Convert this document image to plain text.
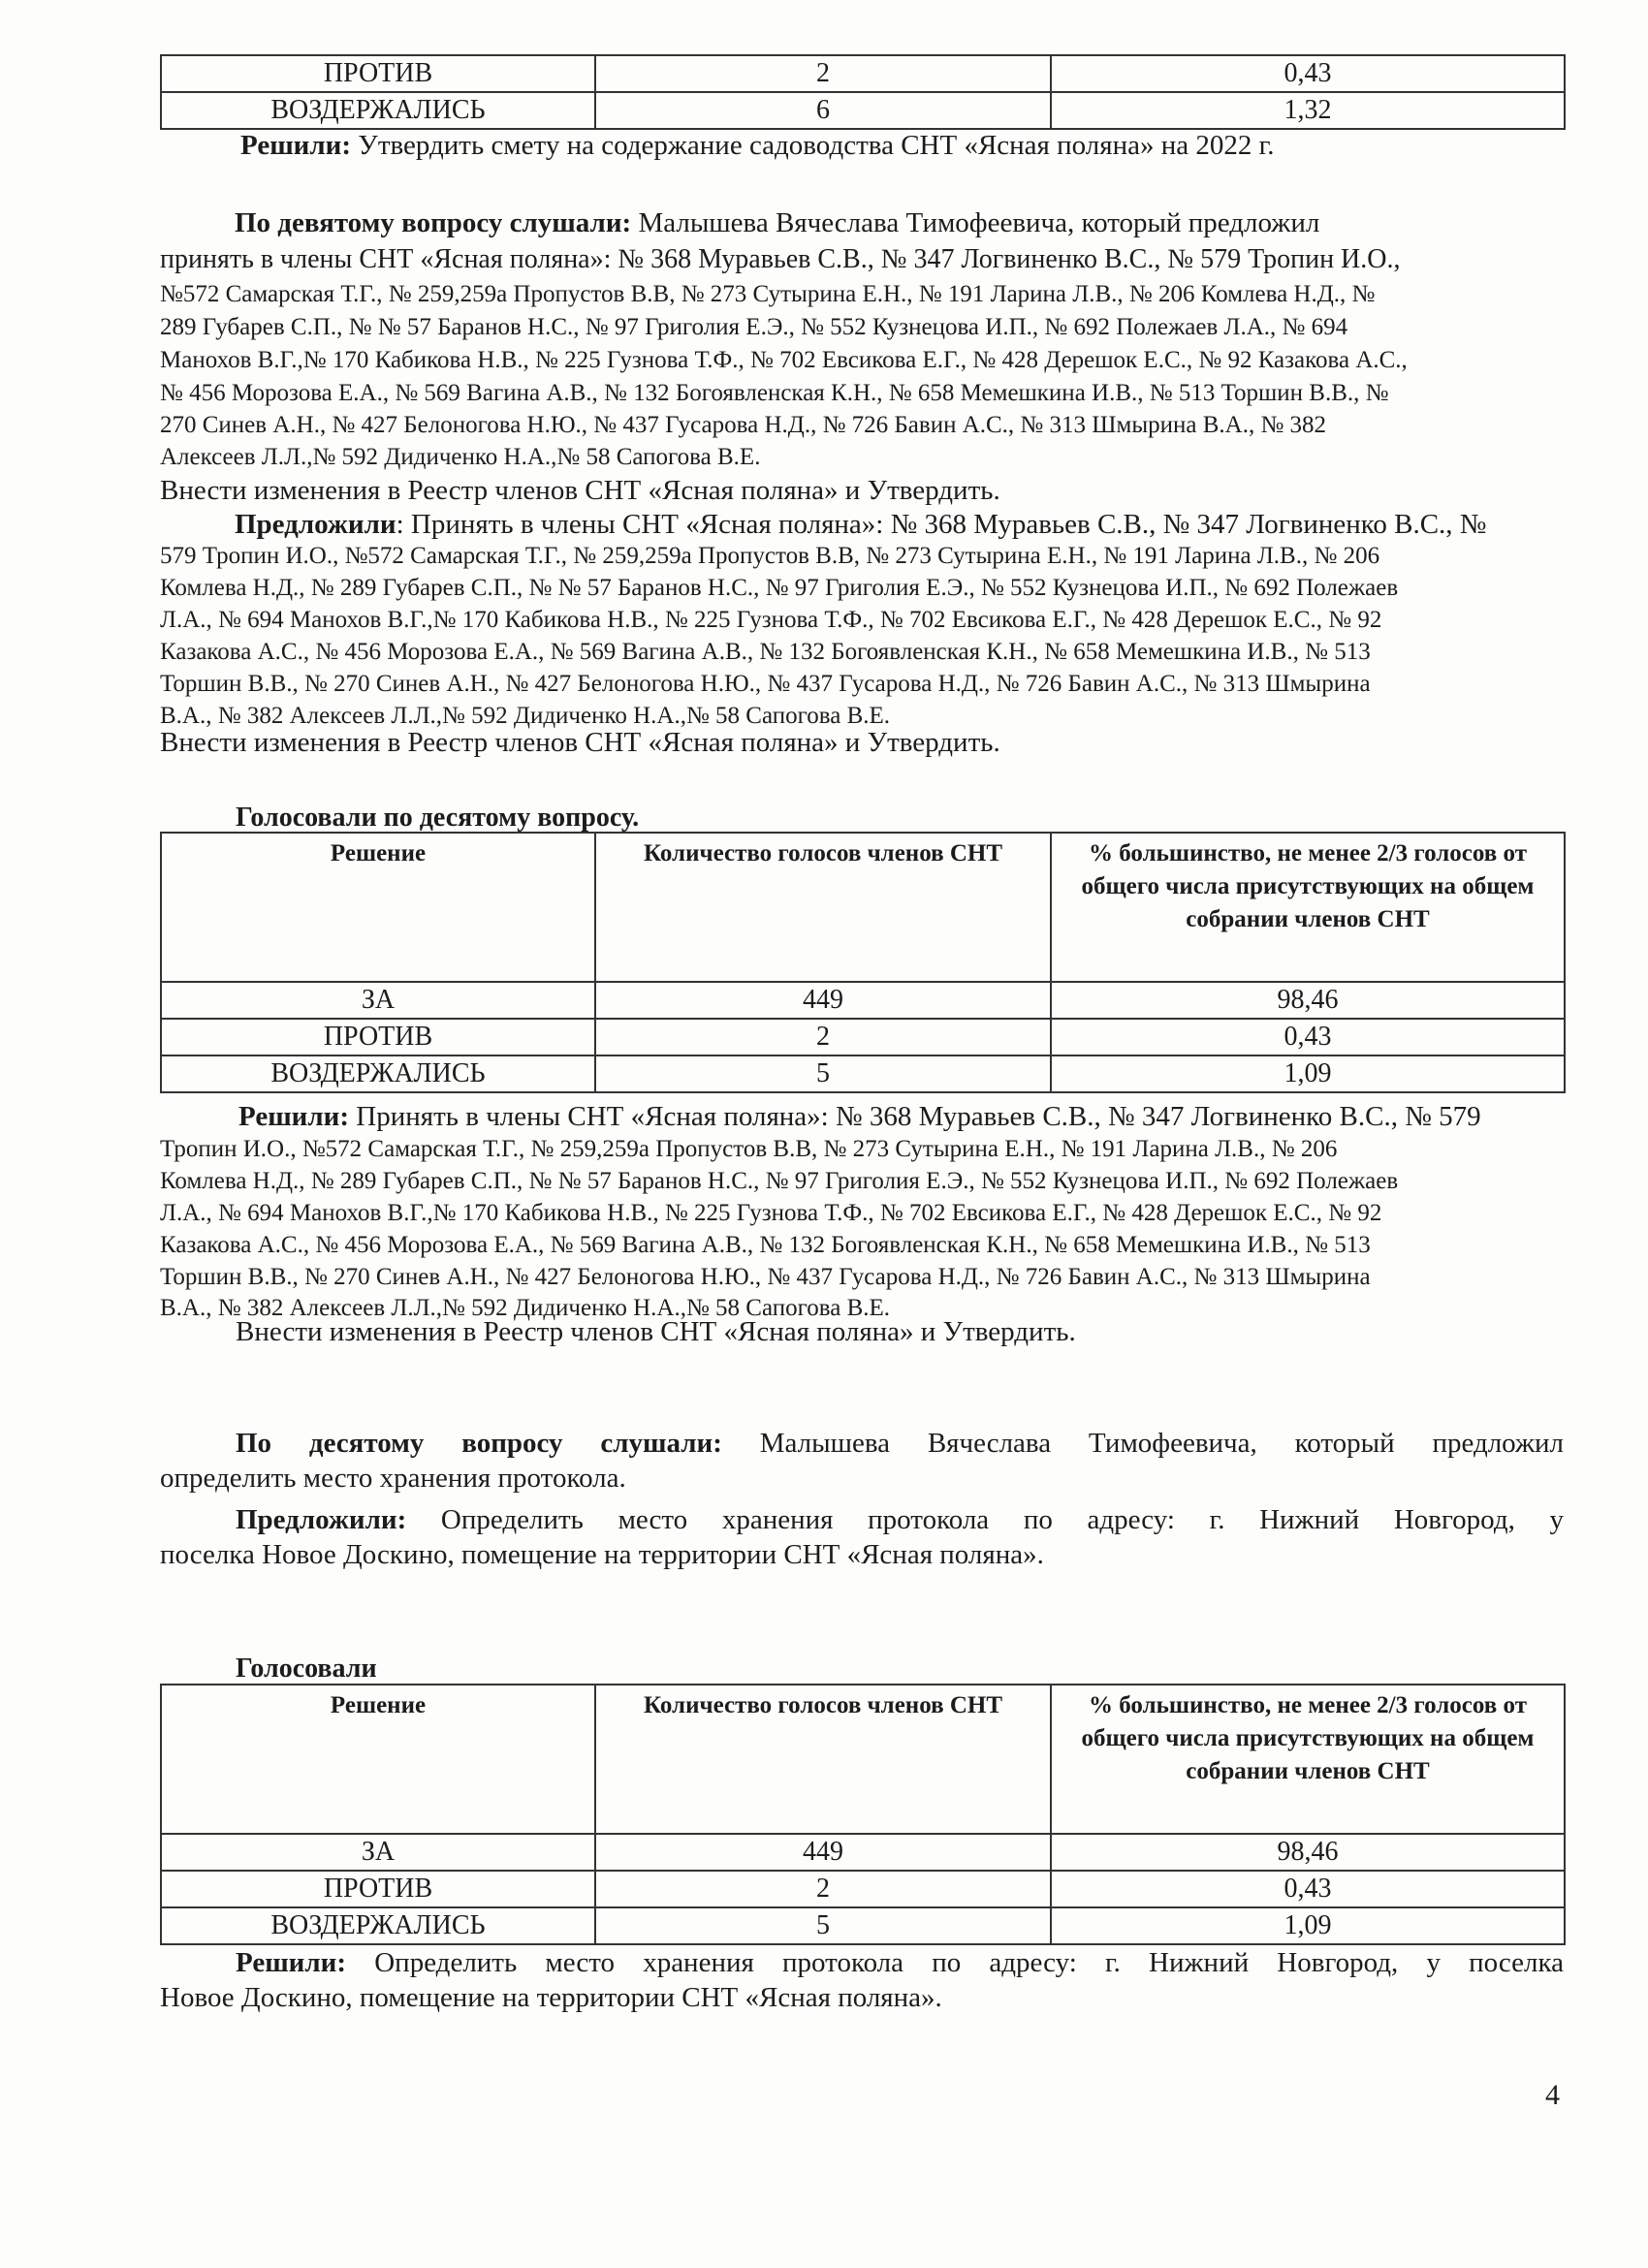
ПРОТИВ	2	0,43
ВОЗДЕРЖАЛИСЬ	6	1,32
Решили: Утвердить смету на содержание садоводства СНТ «Ясная поляна» на 2022 г.
По девятому вопросу слушали: Малышева Вячеслава Тимофеевича, который предложил
принять в члены СНТ «Ясная поляна»: № 368 Муравьев С.В., № 347 Логвиненко В.С., № 579 Тропин И.О.,
№572 Самарская Т.Г., № 259,259а Пропустов В.В, № 273 Сутырина Е.Н., № 191 Ларина Л.В., № 206 Комлева Н.Д., №
289 Губарев С.П., № № 57 Баранов Н.С., № 97 Григолия Е.Э., № 552 Кузнецова И.П., № 692 Полежаев Л.А., № 694
Манохов В.Г.,№ 170 Кабикова Н.В., № 225 Гузнова Т.Ф., № 702 Евсикова Е.Г., № 428 Дерешок Е.С., № 92 Казакова А.С.,
№ 456 Морозова Е.А., № 569 Вагина А.В., № 132 Богоявленская К.Н., № 658 Мемешкина И.В., № 513 Торшин В.В., №
270 Синев А.Н., № 427 Белоногова Н.Ю., № 437 Гусарова Н.Д., № 726 Бавин А.С., № 313 Шмырина В.А., № 382
Алексеев Л.Л.,№ 592 Дидиченко Н.А.,№ 58 Сапогова В.Е.
Внести изменения в Реестр членов СНТ «Ясная поляна» и Утвердить.
Предложили: Принять в члены СНТ «Ясная поляна»: № 368 Муравьев С.В., № 347 Логвиненко В.С., №
579 Тропин И.О., №572 Самарская Т.Г., № 259,259а Пропустов В.В, № 273 Сутырина Е.Н., № 191 Ларина Л.В., № 206
Комлева Н.Д., № 289 Губарев С.П., № № 57 Баранов Н.С., № 97 Григолия Е.Э., № 552 Кузнецова И.П., № 692 Полежаев
Л.А., № 694 Манохов В.Г.,№ 170 Кабикова Н.В., № 225 Гузнова Т.Ф., № 702 Евсикова Е.Г., № 428 Дерешок Е.С., № 92
Казакова А.С., № 456 Морозова Е.А., № 569 Вагина А.В., № 132 Богоявленская К.Н., № 658 Мемешкина И.В., № 513
Торшин В.В., № 270 Синев А.Н., № 427 Белоногова Н.Ю., № 437 Гусарова Н.Д., № 726 Бавин А.С., № 313 Шмырина
В.А., № 382 Алексеев Л.Л.,№ 592 Дидиченко Н.А.,№ 58 Сапогова В.Е.
Внести изменения в Реестр членов СНТ «Ясная поляна» и Утвердить.
Голосовали по десятому вопросу.
Решение	Количество голосов членов СНТ	% большинство, не менее 2/3 голосов от общего числа присутствующих на общем собрании членов СНТ
ЗА	449	98,46
ПРОТИВ	2	0,43
ВОЗДЕРЖАЛИСЬ	5	1,09
Решили: Принять в члены СНТ «Ясная поляна»: № 368 Муравьев С.В., № 347 Логвиненко В.С., № 579
Тропин И.О., №572 Самарская Т.Г., № 259,259а Пропустов В.В, № 273 Сутырина Е.Н., № 191 Ларина Л.В., № 206
Комлева Н.Д., № 289 Губарев С.П., № № 57 Баранов Н.С., № 97 Григолия Е.Э., № 552 Кузнецова И.П., № 692 Полежаев
Л.А., № 694 Манохов В.Г.,№ 170 Кабикова Н.В., № 225 Гузнова Т.Ф., № 702 Евсикова Е.Г., № 428 Дерешок Е.С., № 92
Казакова А.С., № 456 Морозова Е.А., № 569 Вагина А.В., № 132 Богоявленская К.Н., № 658 Мемешкина И.В., № 513
Торшин В.В., № 270 Синев А.Н., № 427 Белоногова Н.Ю., № 437 Гусарова Н.Д., № 726 Бавин А.С., № 313 Шмырина
В.А., № 382 Алексеев Л.Л.,№ 592 Дидиченко Н.А.,№ 58 Сапогова В.Е.
Внести изменения в Реестр членов СНТ «Ясная поляна» и Утвердить.
По десятому вопросу слушали: Малышева Вячеслава Тимофеевича, который предложил
определить место хранения протокола.
Предложили: Определить место хранения протокола по адресу: г. Нижний Новгород, у
поселка Новое Доскино, помещение на территории СНТ «Ясная поляна».
Голосовали
Решение	Количество голосов членов СНТ	% большинство, не менее 2/3 голосов от общего числа присутствующих на общем собрании членов СНТ
ЗА	449	98,46
ПРОТИВ	2	0,43
ВОЗДЕРЖАЛИСЬ	5	1,09
Решили: Определить место хранения протокола по адресу: г. Нижний Новгород, у поселка
Новое Доскино, помещение на территории СНТ «Ясная поляна».
4
